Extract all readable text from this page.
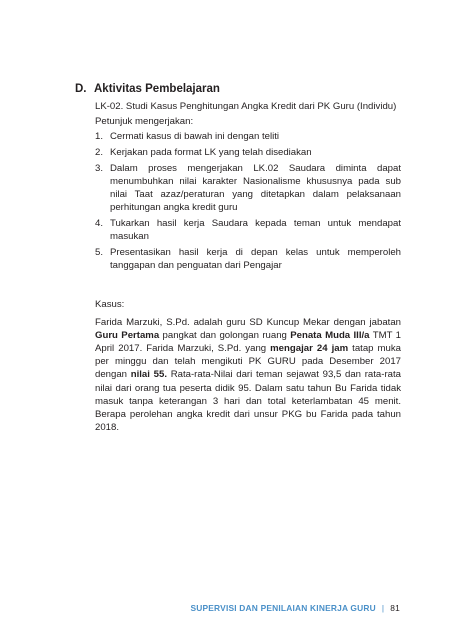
D. Aktivitas Pembelajaran

LK-02. Studi Kasus Penghitungan Angka Kredit dari PK Guru (Individu)

Petunjuk mengerjakan:

1. Cermati kasus di bawah ini dengan teliti
2. Kerjakan pada format LK yang telah disediakan
3. Dalam proses mengerjakan LK.02 Saudara diminta dapat menumbuhkan nilai karakter Nasionalisme khususnya pada sub nilai Taat azaz/peraturan yang ditetapkan dalam pelaksanaan perhitungan angka kredit guru
4. Tukarkan hasil kerja Saudara kepada teman untuk mendapat masukan
5. Presentasikan hasil kerja di depan kelas untuk memperoleh tanggapan dan penguatan dari Pengajar

Kasus:

Farida Marzuki, S.Pd. adalah guru SD Kuncup Mekar dengan jabatan Guru Pertama pangkat dan golongan ruang Penata Muda III/a TMT 1 April 2017. Farida Marzuki, S.Pd. yang mengajar 24 jam tatap muka per minggu dan telah mengikuti PK GURU pada Desember 2017 dengan nilai 55. Rata-rata-Nilai dari teman sejawat 93,5 dan rata-rata nilai dari orang tua peserta didik 95. Dalam satu tahun Bu Farida tidak masuk tanpa keterangan 3 hari dan total keterlambatan 45 menit. Berapa perolehan angka kredit dari unsur PKG bu Farida pada tahun 2018.

SUPERVISI DAN PENILAIAN KINERJA GURU | 81
